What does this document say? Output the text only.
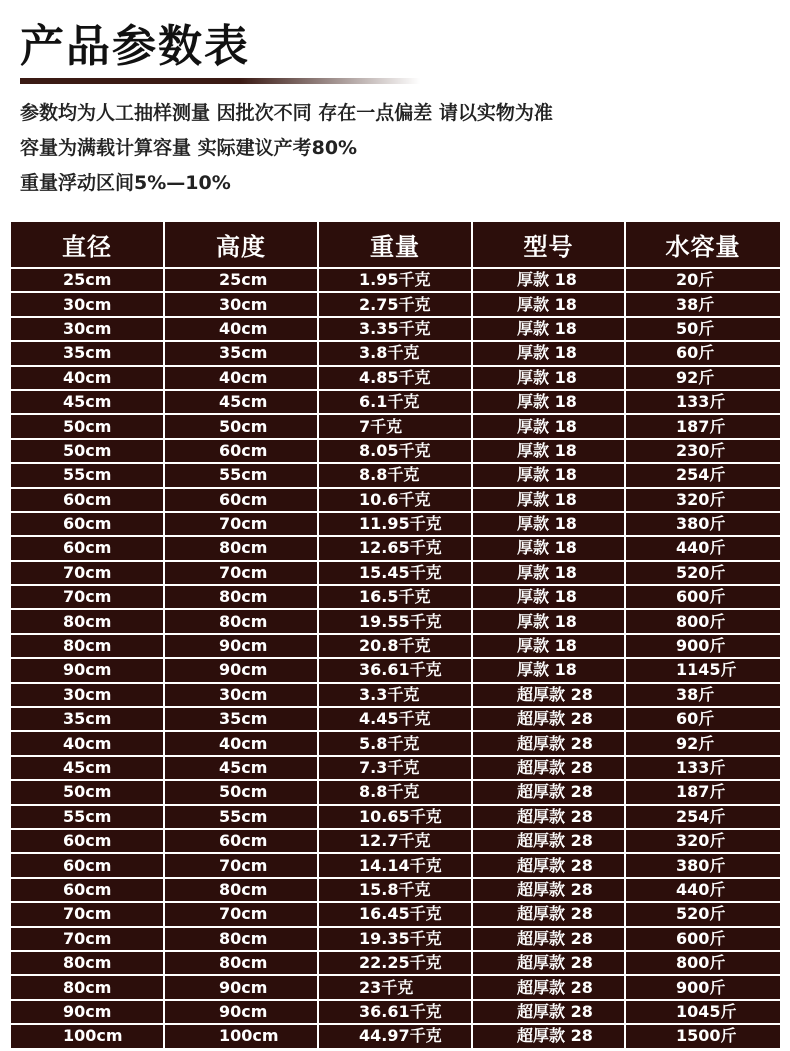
产品参数表
参数均为人工抽样测量 因批次不同 存在一点偏差 请以实物为准
容量为满载计算容量 实际建议产考80%
重量浮动区间5%—10%
直径	高度	重量	型号	水容量
25cm	25cm	1.95千克	厚款 18	20斤
30cm	30cm	2.75千克	厚款 18	38斤
30cm	40cm	3.35千克	厚款 18	50斤
35cm	35cm	3.8千克	厚款 18	60斤
40cm	40cm	4.85千克	厚款 18	92斤
45cm	45cm	6.1千克	厚款 18	133斤
50cm	50cm	7千克	厚款 18	187斤
50cm	60cm	8.05千克	厚款 18	230斤
55cm	55cm	8.8千克	厚款 18	254斤
60cm	60cm	10.6千克	厚款 18	320斤
60cm	70cm	11.95千克	厚款 18	380斤
60cm	80cm	12.65千克	厚款 18	440斤
70cm	70cm	15.45千克	厚款 18	520斤
70cm	80cm	16.5千克	厚款 18	600斤
80cm	80cm	19.55千克	厚款 18	800斤
80cm	90cm	20.8千克	厚款 18	900斤
90cm	90cm	36.61千克	厚款 18	1145斤
30cm	30cm	3.3千克	超厚款 28	38斤
35cm	35cm	4.45千克	超厚款 28	60斤
40cm	40cm	5.8千克	超厚款 28	92斤
45cm	45cm	7.3千克	超厚款 28	133斤
50cm	50cm	8.8千克	超厚款 28	187斤
55cm	55cm	10.65千克	超厚款 28	254斤
60cm	60cm	12.7千克	超厚款 28	320斤
60cm	70cm	14.14千克	超厚款 28	380斤
60cm	80cm	15.8千克	超厚款 28	440斤
70cm	70cm	16.45千克	超厚款 28	520斤
70cm	80cm	19.35千克	超厚款 28	600斤
80cm	80cm	22.25千克	超厚款 28	800斤
80cm	90cm	23千克	超厚款 28	900斤
90cm	90cm	36.61千克	超厚款 28	1045斤
100cm	100cm	44.97千克	超厚款 28	1500斤
